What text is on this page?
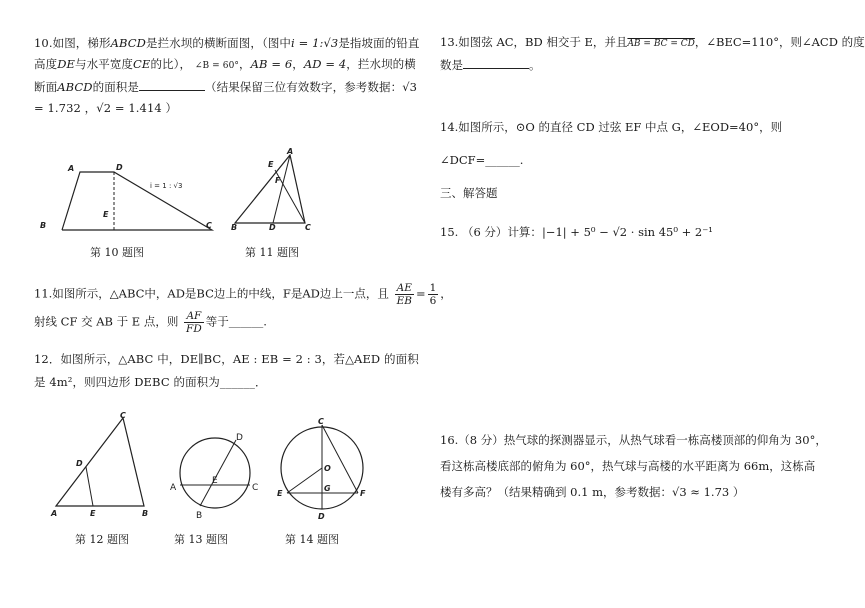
10.如图，梯形ABCD是拦水坝的横断面图，（图中i = 1:√3是指坡面的铅直高度DE与水平宽度CE的比）， ∠B = 60°，AB = 6，AD = 4，拦水坝的横断面ABCD的面积是	（结果保留三位有效数字，参考数据：√3 = 1.732 ，√2 = 1.414 ）
A	D
B	C
E
i = 1 : √3
第 10 题图
A
E
F
B	D	C
第 11 题图
11.如图所示，△ABC中，AD是BC边上的中线，F是AD边上一点，且 $\frac{AE}{EB} = \frac{1}{6}$ ，
射线 CF 交 AB 于 E 点，则 $\frac{AF}{FD}$ 等于______.
12．如图所示，△ABC 中，DE∥BC，AE : EB = 2 : 3，若△AED 的面积是 4m²，则四边形 DEBC 的面积为______．
C
D
A	E	B
第 12 题图
D
E
A	C
B
第 13 题图
C
O
G
E	F
D
第 14 题图
13.如图弦 AC，BD 相交于 E，并且AB = BC = CD，∠BEC=110°，则∠ACD 的度
数是	。
14.如图所示，⊙O 的直径 CD 过弦 EF 中点 G，∠EOD=40°，则
∠DCF=______.
三、解答题
15. （6 分）计算：|−1| + 5⁰ − √2 · sin 45⁰ + 2⁻¹
16.（8 分）热气球的探测器显示，从热气球看一栋高楼顶部的仰角为 30°，
看这栋高楼底部的俯角为 60°，热气球与高楼的水平距离为 66m，这栋高
楼有多高？（结果精确到 0.1 m，参考数据：√3 ≈ 1.73 ）
